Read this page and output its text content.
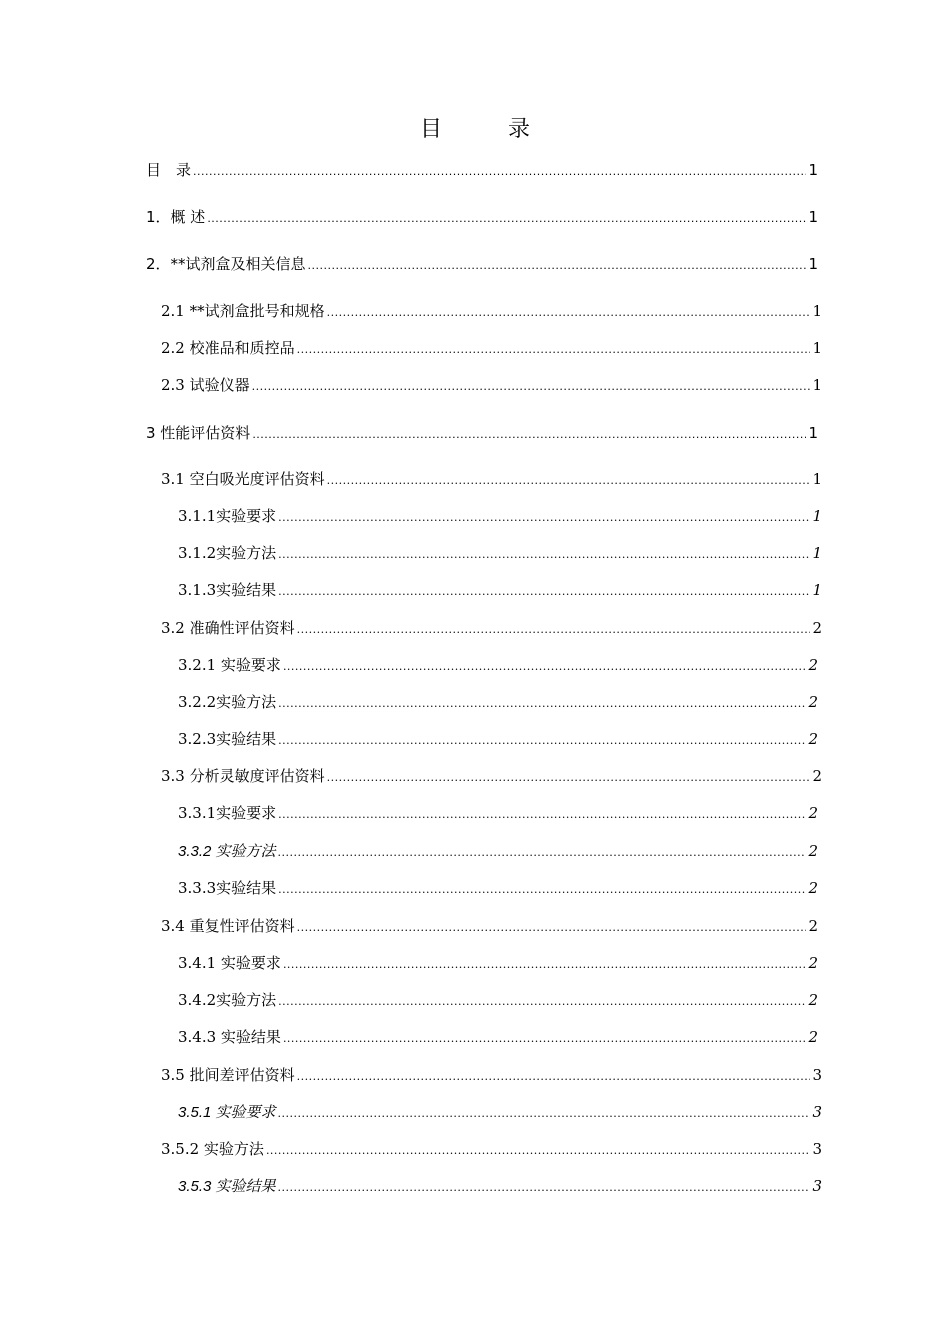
目　录
目　录 .....	1
1．概 述 .....	1
2．**试剂盒及相关信息 .....	1
2.1 **试剂盒批号和规格 .....	1
2.2 校准品和质控品 .....	1
2.3 试验仪器 .....	1
3 性能评估资料 .....	1
3.1 空白吸光度评估资料 .....	1
3.1.1实验要求 .....	1
3.1.2实验方法 .....	1
3.1.3实验结果 .....	1
3.2 准确性评估资料 .....	2
3.2.1 实验要求 .....	2
3.2.2实验方法 .....	2
3.2.3实验结果 .....	2
3.3 分析灵敏度评估资料 .....	2
3.3.1实验要求 .....	2
3.3.2 实验方法 .....	2
3.3.3实验结果 .....	2
3.4 重复性评估资料 .....	2
3.4.1 实验要求 .....	2
3.4.2实验方法 .....	2
3.4.3 实验结果 .....	2
3.5 批间差评估资料 .....	3
3.5.1 实验要求 .....	3
3.5.2 实验方法 .....	3
3.5.3 实验结果 .....	3
